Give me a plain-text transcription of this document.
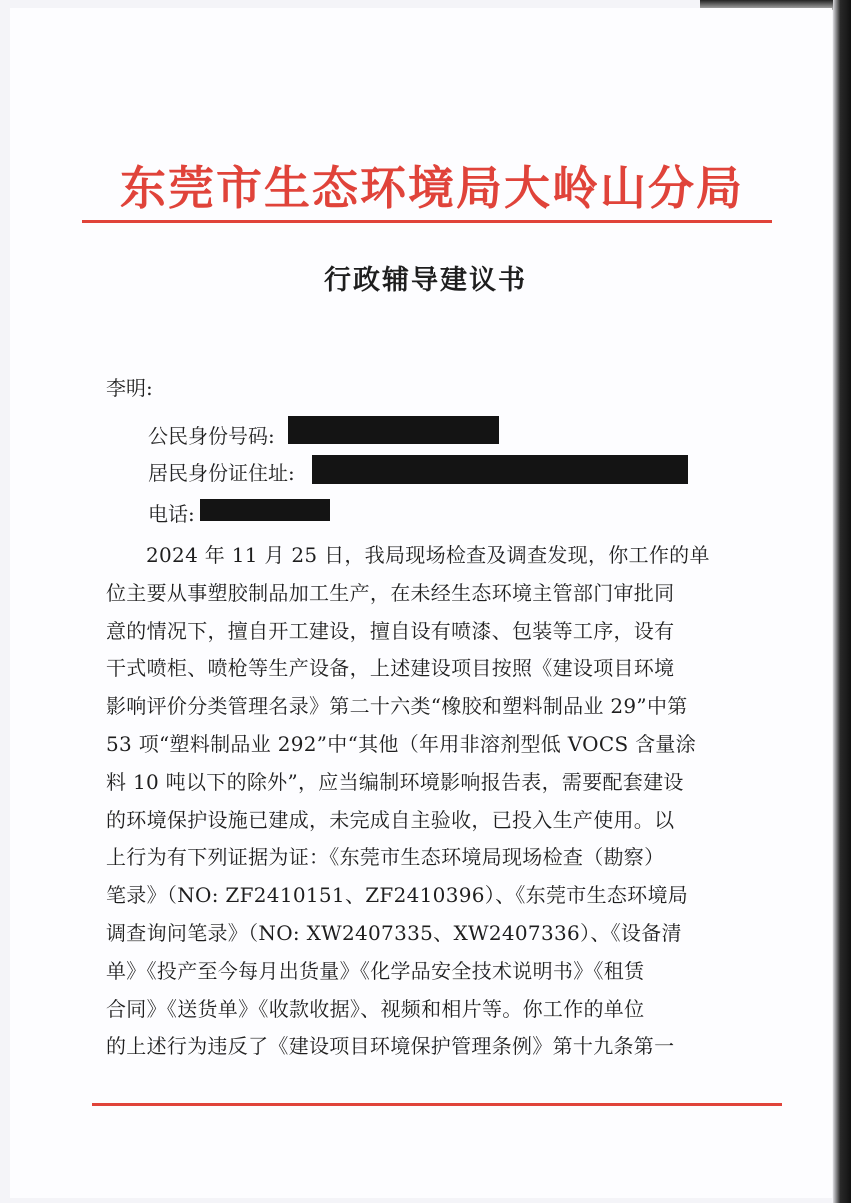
东莞市生态环境局大岭山分局
行政辅导建议书
李明:
公民身份号码:
居民身份证住址:
电话:
2024 年 11 月 25 日，我局现场检查及调查发现，你工作的单
位主要从事塑胶制品加工生产，在未经生态环境主管部门审批同
意的情况下，擅自开工建设，擅自设有喷漆、包装等工序，设有
干式喷柜、喷枪等生产设备，上述建设项目按照《建设项目环境
影响评价分类管理名录》第二十六类“橡胶和塑料制品业 29”中第
53 项“塑料制品业 292”中“其他（年用非溶剂型低 VOCS 含量涂
料 10 吨以下的除外”，应当编制环境影响报告表，需要配套建设
的环境保护设施已建成，未完成自主验收，已投入生产使用。以
上行为有下列证据为证：《东莞市生态环境局现场检查（勘察）
笔录》（NO: ZF2410151、ZF2410396）、《东莞市生态环境局
调查询问笔录》（NO: XW2407335、XW2407336）、《设备清
单》《投产至今每月出货量》《化学品安全技术说明书》《租赁
合同》《送货单》《收款收据》、视频和相片等。你工作的单位
的上述行为违反了《建设项目环境保护管理条例》第十九条第一
